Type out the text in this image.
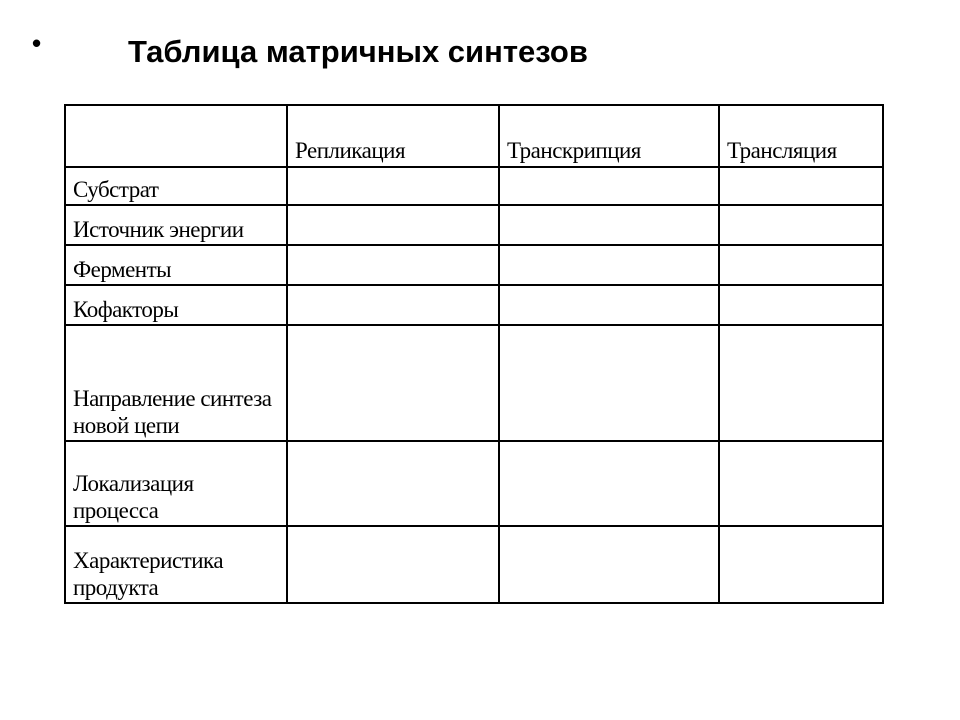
•	Таблица матричных синтезов
	Репликация	Транскрипция	Трансляция

Субстрат			

Источник энергии			

Ферменты			

Кофакторы			

Направление синтеза новой цепи			

Локализация процесса			

Характеристика продукта			
